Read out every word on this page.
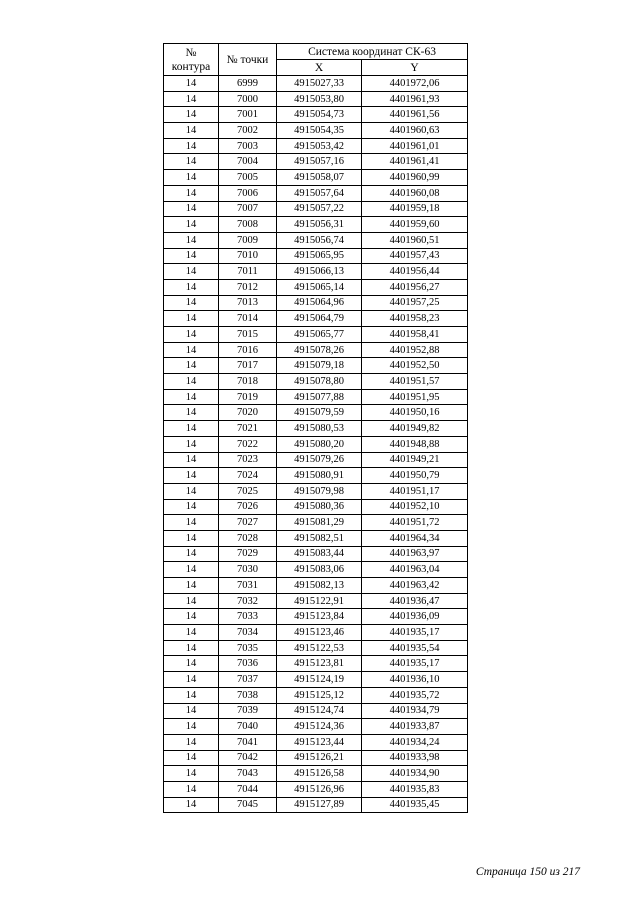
№
контура	№ точки	Система координат СК-63	
		X	Y
14	6999	4915027,33	4401972,06
14	7000	4915053,80	4401961,93
14	7001	4915054,73	4401961,56
14	7002	4915054,35	4401960,63
14	7003	4915053,42	4401961,01
14	7004	4915057,16	4401961,41
14	7005	4915058,07	4401960,99
14	7006	4915057,64	4401960,08
14	7007	4915057,22	4401959,18
14	7008	4915056,31	4401959,60
14	7009	4915056,74	4401960,51
14	7010	4915065,95	4401957,43
14	7011	4915066,13	4401956,44
14	7012	4915065,14	4401956,27
14	7013	4915064,96	4401957,25
14	7014	4915064,79	4401958,23
14	7015	4915065,77	4401958,41
14	7016	4915078,26	4401952,88
14	7017	4915079,18	4401952,50
14	7018	4915078,80	4401951,57
14	7019	4915077,88	4401951,95
14	7020	4915079,59	4401950,16
14	7021	4915080,53	4401949,82
14	7022	4915080,20	4401948,88
14	7023	4915079,26	4401949,21
14	7024	4915080,91	4401950,79
14	7025	4915079,98	4401951,17
14	7026	4915080,36	4401952,10
14	7027	4915081,29	4401951,72
14	7028	4915082,51	4401964,34
14	7029	4915083,44	4401963,97
14	7030	4915083,06	4401963,04
14	7031	4915082,13	4401963,42
14	7032	4915122,91	4401936,47
14	7033	4915123,84	4401936,09
14	7034	4915123,46	4401935,17
14	7035	4915122,53	4401935,54
14	7036	4915123,81	4401935,17
14	7037	4915124,19	4401936,10
14	7038	4915125,12	4401935,72
14	7039	4915124,74	4401934,79
14	7040	4915124,36	4401933,87
14	7041	4915123,44	4401934,24
14	7042	4915126,21	4401933,98
14	7043	4915126,58	4401934,90
14	7044	4915126,96	4401935,83
14	7045	4915127,89	4401935,45
Страница 150 из 217
